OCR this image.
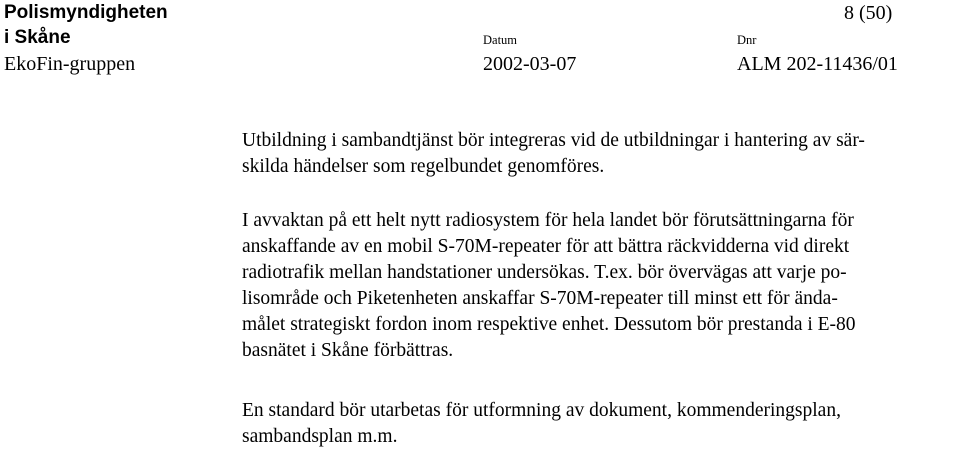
Polismyndigheten
i Skåne
EkoFin-gruppen
8 (50)
Datum
2002-03-07
Dnr
ALM 202-11436/01

Utbildning i sambandtjänst bör integreras vid de utbildningar i hantering av sär-

skilda händelser som regelbundet genomföres.

I avvaktan på ett helt nytt radiosystem för hela landet bör förutsättningarna för

anskaffande av en mobil S-70M-repeater för att bättra räckvidderna vid direkt

radiotrafik mellan handstationer undersökas. T.ex. bör övervägas att varje po-

lisområde och Piketenheten anskaffar S-70M-repeater till minst ett för ända-

målet strategiskt fordon inom respektive enhet. Dessutom bör prestanda i E-80

basnätet i Skåne förbättras.

En standard bör utarbetas för utformning av dokument, kommenderingsplan,

sambandsplan m.m.
